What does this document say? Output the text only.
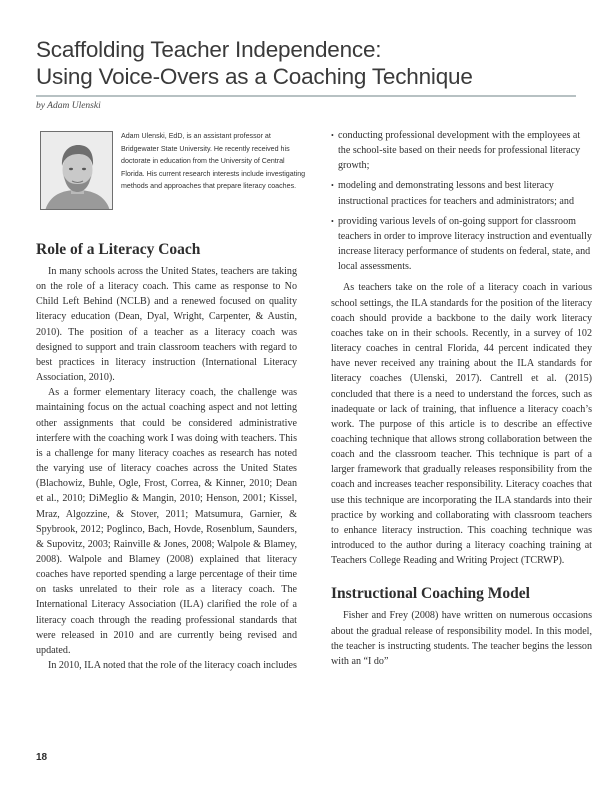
Scaffolding Teacher Independence:
Using Voice-Overs as a Coaching Technique
by Adam Ulenski
Adam Ulenski, EdD, is an assistant professor at Bridgewater State University. He recently received his doctorate in education from the University of Central Florida. His current research interests include investigating methods and approaches that prepare literacy coaches.
Role of a Literacy Coach

In many schools across the United States, teachers are taking on the role of a literacy coach. This came as response to No Child Left Behind (NCLB) and a renewed focused on quality literacy education (Dean, Dyal, Wright, Carpenter, & Austin, 2010). The position of a teacher as a literacy coach was designed to support and train classroom teachers with regard to best practices in literacy instruction (International Literacy Association, 2010).

As a former elementary literacy coach, the challenge was maintaining focus on the actual coaching aspect and not letting other assignments that could be considered administrative interfere with the coaching work I was doing with teachers. This is a challenge for many literacy coaches as research has noted the varying use of literacy coaches across the United States (Blachowiz, Buhle, Ogle, Frost, Correa, & Kinner, 2010; Dean et al., 2010; DiMeglio & Mangin, 2010; Henson, 2001; Kissel, Mraz, Algozzine, & Stover, 2011; Matsumura, Garnier, & Spybrook, 2012; Poglinco, Bach, Hovde, Rosenblum, Saunders, & Supovitz, 2003; Rainville & Jones, 2008; Walpole & Blamey, 2008). Walpole and Blamey (2008) explained that literacy coaches have reported spending a large percentage of their time on tasks unrelated to their role as a literacy coach. The International Literacy Association (ILA) clarified the role of a literacy coach through the reading professional standards that were released in 2010 and are currently being revised and updated.

In 2010, ILA noted that the role of the literacy coach includes

• conducting professional development with the employees at the school-site based on their needs for professional literacy growth;
• modeling and demonstrating lessons and best literacy instructional practices for teachers and administrators; and
• providing various levels of on-going support for classroom teachers in order to improve literacy instruction and eventually increase literacy performance of students on federal, state, and local assessments.

As teachers take on the role of a literacy coach in various school settings, the ILA standards for the position of the literacy coach should provide a backbone to the daily work literacy coaches take on in their schools. Recently, in a survey of 102 literacy coaches in central Florida, 44 percent indicated they have never received any training about the ILA standards for literacy coaches (Ulenski, 2017). Cantrell et al. (2015) concluded that there is a need to understand the forces, such as inadequate or lack of training, that influence a literacy coach’s work. The purpose of this article is to describe an effective coaching technique that allows strong collaboration between the coach and the classroom teacher. This technique is part of a larger framework that gradually releases responsibility from the coach and increases teacher responsibility. Literacy coaches that use this technique are incorporating the ILA standards into their practice by working and collaborating with classroom teachers to enhance literacy instruction. This coaching technique was introduced to the author during a literacy coaching training at Teachers College Reading and Writing Project (TCRWP).

Instructional Coaching Model

Fisher and Frey (2008) have written on numerous occasions about the gradual release of responsibility model. In this model, the teacher is instructing students. The teacher begins the lesson with an “I do”

18
